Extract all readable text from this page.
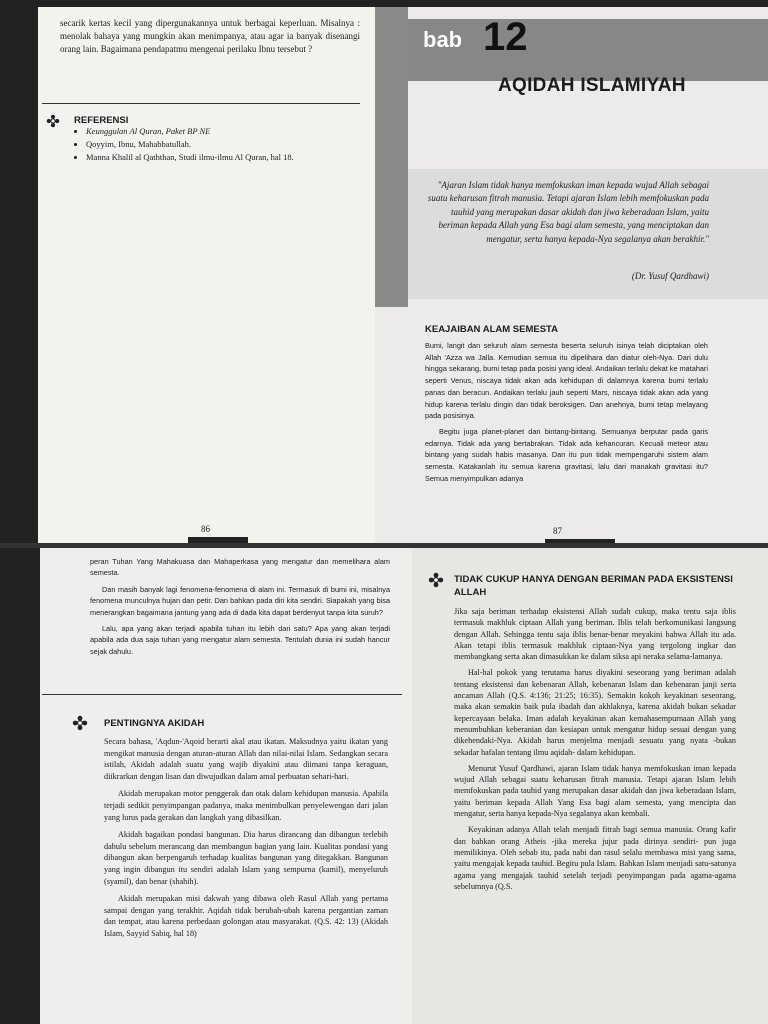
secarik kertas kecil yang dipergunakannya untuk berbagai keperluan. Misalnya : menolak bahaya yang mungkin akan menimpanya, atau agar ia banyak disenangi orang lain. Bagaimana pendapatmu mengenai perilaku Ibnu tersebut ?
REFERENSI
• Keunggulan Al Quran, Paket BP NE
• Qoyyim, Ibnu, Mahabbatullah.
• Manna Khalil al Qaththan, Studi ilmu-ilmu Al Quran, hal 18.
86
bab 12
AQIDAH ISLAMIYAH
"Ajaran Islam tidak hanya memfokuskan iman kepada wujud Allah sebagai suatu keharusan fitrah manusia. Tetapi ajaran Islam lebih memfokuskan pada tauhid yang merupakan dasar akidah dan jiwa keberadaan Islam, yaitu beriman kepada Allah yang Esa bagi alam semesta, yang menciptakan dan mengatur, serta hanya kepada-Nya segalanya akan berakhir."
(Dr. Yusuf Qardhawi)
KEAJAIBAN ALAM SEMESTA

Bumi, langit dan seluruh alam semesta beserta seluruh isinya telah diciptakan oleh Allah 'Azza wa Jalla. Kemudian semua itu dipelihara dan diatur oleh-Nya. Dari dulu hingga sekarang, bumi tetap pada posisi yang ideal. Andaikan terlalu dekat ke matahari seperti Venus, niscaya tidak akan ada kehidupan di dalamnya karena bumi terlalu panas dan beracun. Andaikan terlalu jauh seperti Mars, niscaya tidak akan ada yang hidup karena terlalu dingin dan tidak beroksigen. Dan anehnya, bumi tetap melayang pada posisinya.

Begitu juga planet-planet dan bintang-bintang. Semuanya berputar pada garis edarnya. Tidak ada yang bertabrakan. Tidak ada kehancuran. Kecuali meteor atau bintang yang sudah habis masanya. Dan itu pun tidak mempengaruhi sistem alam semesta. Katakanlah itu semua karena gravitasi, lalu dari manakah gravitasi itu? Semua menyimpulkan adanya

87

peran Tuhan Yang Mahakuasa dan Mahaperkasa yang mengatur dan memelihara alam semesta.

Dan masih banyak lagi fenomena-fenomena di alam ini. Termasuk di bumi ini, misalnya fenomena munculnya hujan dan petir. Dan bahkan pada diri kita sendiri. Siapakah yang bisa menerangkan bagaimana jantung yang ada di dada kita dapat berdenyut tanpa kita suruh?

Lalu, apa yang akan terjadi apabila tuhan itu lebih dari satu? Apa yang akan terjadi apabila ada dua saja tuhan yang mengatur alam semesta. Tentulah dunia ini sudah hancur sejak dahulu.

PENTINGNYA AKIDAH

Secara bahasa, 'Aqdun-'Aqoid berarti akal atau ikatan. Maksudnya yaitu ikatan yang mengikat manusia dengan aturan-aturan Allah dan nilai-nilai Islam. Sedangkan secara istilah, Akidah adalah suatu yang wajib diyakini atau diimani tanpa keraguan, diikrarkan dengan lisan dan diwujudkan dalam amal perbuatan sehari-hari.

Akidah merupakan motor penggerak dan otak dalam kehidupan manusia. Apabila terjadi sedikit penyimpangan padanya, maka menimbulkan penyelewengan dari jalan yang lurus pada gerakan dan langkah yang dibasilkan.

Akidah bagaikan pondasi bangunan. Dia harus dirancang dan dibangun terlebih dahulu sebelum merancang dan membangun bagian yang lain. Kualitas pondasi yang dibangun akan berpengaruh terhadap kualitas bangunan yang ditegakkan. Bangunan yang ingin dibangun itu sendiri adalah Islam yang sempurna (kamil), menyeluruh (syamil), dan benar (shahih).

Akidah merupakan misi dakwah yang dibawa oleh Rasul Allah yang pertama sampai dengan yang terakhir. Aqidah tidak berubah-ubah karena pergantian zaman dan tempat, atau karena perbedaan golongan atau masyarakat. (Q.S. 42: 13) (Akidah Islam, Sayyid Sabiq, hal 18)

TIDAK CUKUP HANYA DENGAN BERIMAN PADA EKSISTENSI ALLAH

Jika saja beriman terhadap eksistensi Allah sudah cukup, maka tentu saja iblis termasuk makhluk ciptaan Allah yang beriman. Iblis telah berkomunikasi langsung dengan Allah. Sehingga tentu saja iblis benar-benar meyakini bahwa Allah itu ada. Akan tetapi iblis termasuk makhluk ciptaan-Nya yang tergolong ingkar dan membangkang serta akan dimasukkan ke dalam siksa api neraka selama-lamanya.

Hal-hal pokok yang terutama harus diyakini seseorang yang beriman adalah tentang eksistensi dan kebenaran Allah, kebenaran Islam dan kebenaran janji serta ancaman Allah (Q.S. 4:136; 21:25; 16:35). Semakin kokoh keyakinan seseorang, maka akan semakin baik pula ibadah dan akhlaknya, karena akidah bukan sekadar kepercayaan belaka. Iman adalah keyakinan akan kemahasempurnaan Allah yang menumbuhkan keberanian dan kesiapan untuk mengatur hidup sesuai dengan yang dikehendaki-Nya. Akidah harus menjelma menjadi sesuatu yang nyata -bukan sekadar hafalan tentang ilmu aqidah- dalam kehidupan.

Menurut Yusuf Qardhawi, ajaran Islam tidak hanya memfokuskan iman kepada wujud Allah sebagai suatu keharusan fitrah manusia. Tetapi ajaran Islam lebih memfokuskan pada tauhid yang merupakan dasar akidah dan jiwa keberadaan Islam, yaitu beriman kepada Allah Yang Esa bagi alam semesta, yang mencipta dan mengatur, serta hanya kepada-Nya segalanya akan kembali.

Keyakinan adanya Allah telah menjadi fitrah bagi semua manusia. Orang kafir dan bahkan orang Atheis -jika mereka jujur pada dirinya sendiri- pun juga memilikinya. Oleh sebab itu, pada nabi dan rasul selalu membawa misi yang sama, yaitu mengajak kepada tauhid. Begitu pula Islam. Bahkan Islam menjadi satu-satunya agama yang mengajak tauhid setelah terjadi penyimpangan pada agama-agama sebelumnya (Q.S.
